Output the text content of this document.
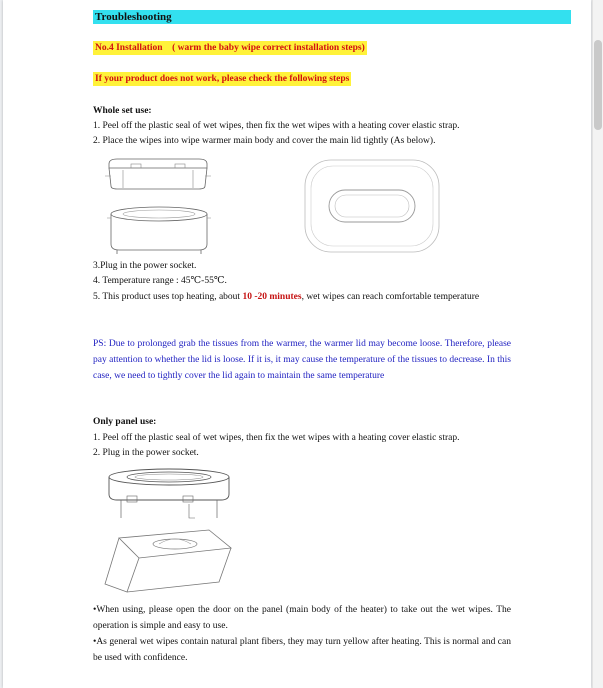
Troubleshooting
No.4 Installation    ( warm the baby wipe correct installation steps)
If your product does not work, please check the following steps
Whole set use:
1. Peel off the plastic seal of wet wipes, then fix the wet wipes with a heating cover elastic strap.
2. Place the wipes into wipe warmer main body and cover the main lid tightly (As below).
3.Plug in the power socket.
4. Temperature range : 45℃-55℃.
5. This product uses top heating, about 10 -20 minutes, wet wipes can reach comfortable temperature
PS: Due to prolonged grab the tissues from the warmer, the warmer lid may become loose. Therefore, please pay attention to whether the lid is loose. If it is, it may cause the temperature of the tissues to decrease. In this case, we need to tightly cover the lid again to maintain the same temperature
Only panel use:
1. Peel off the plastic seal of wet wipes, then fix the wet wipes with a heating cover elastic strap.
2. Plug in the power socket.
•When using, please open the door on the panel (main body of the heater) to take out the wet wipes. The operation is simple and easy to use.
•As general wet wipes contain natural plant fibers, they may turn yellow after heating. This is normal and can be used with confidence.
